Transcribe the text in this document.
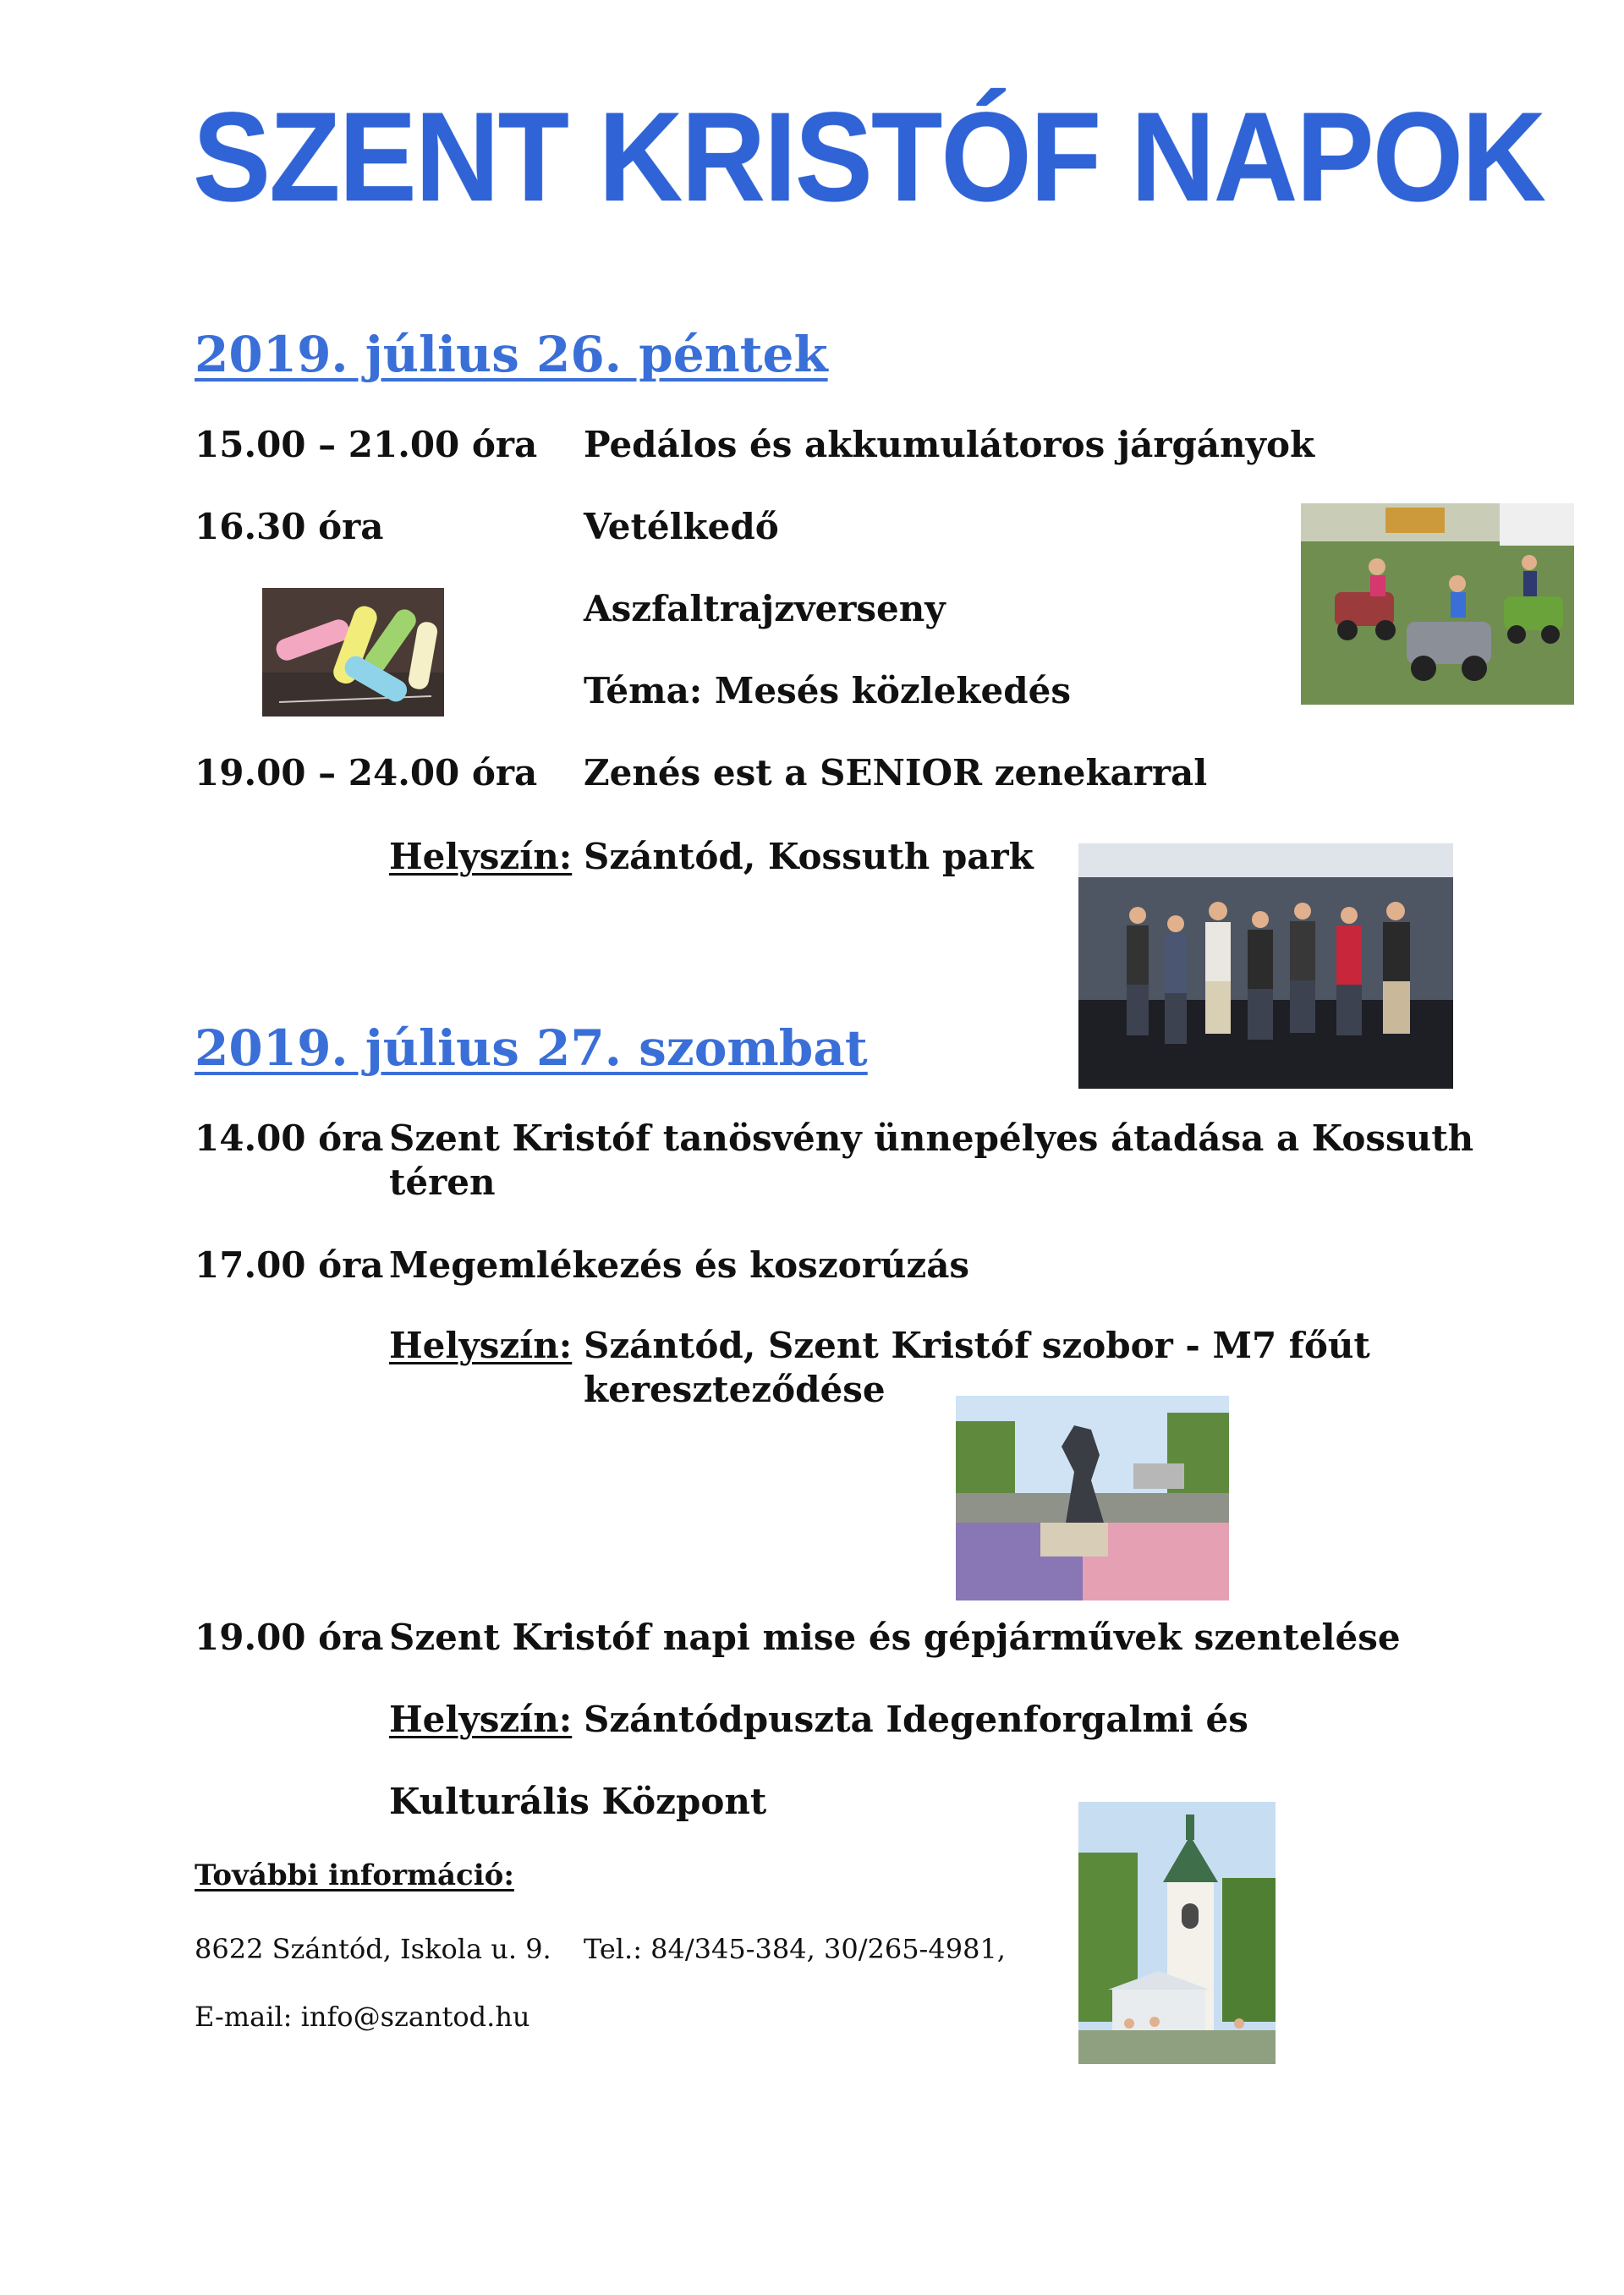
SZENT KRISTÓF NAPOK
2019. július 26. péntek
15.00 – 21.00 óra Pedálos és akkumulátoros járgányok
16.30 óra	Vetélkedő
Aszfaltrajzverseny
Téma: Mesés közlekedés
19.00 – 24.00 óra Zenés est a SENIOR zenekarral
Helyszín: Szántód, Kossuth park
2019. július 27. szombat
14.00 óra Szent Kristóf tanösvény ünnepélyes átadása a Kossuth
téren
17.00 óra Megemlékezés és koszorúzás
Helyszín: Szántód, Szent Kristóf szobor - M7 főút
kereszteződése
19.00 óra Szent Kristóf napi mise és gépjárművek szentelése
Helyszín: Szántódpuszta Idegenforgalmi és
Kulturális Központ
További információ:
8622 Szántód, Iskola u. 9. Tel.: 84/345-384, 30/265-4981,
E-mail: info@szantod.hu
